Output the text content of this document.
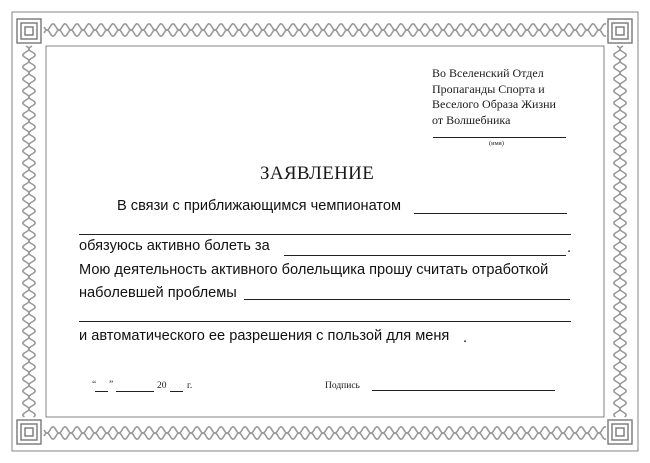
Во Вселенский Отдел
Пропаганды Спорта и
Веселого Образа Жизни
от Волшебника
(имя)
ЗАЯВЛЕНИЕ
В связи с приближающимся чемпионатом
обязуюсь активно болеть за	.
Мою деятельность активного болельщика прошу считать отработкой
наболевшей проблемы
и автоматического ее разрешения с пользой для меня .
“ ”	20 г.	Подпись
